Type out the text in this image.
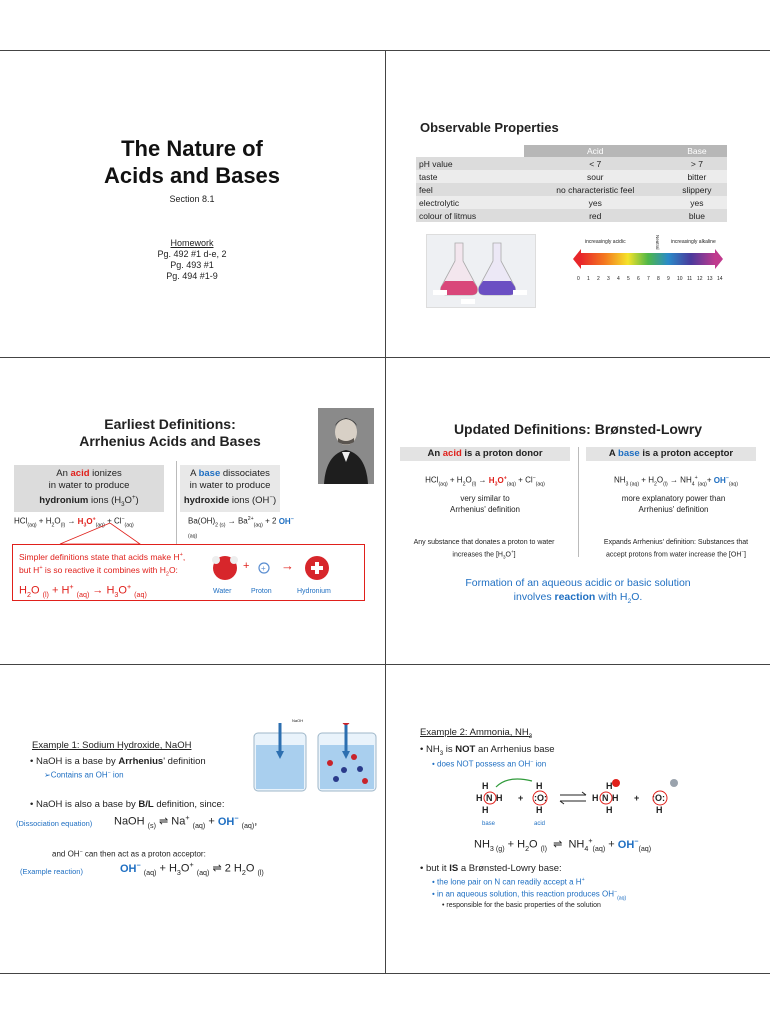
The Nature of
Acids and Bases
Section 8.1
Homework
Pg. 492 #1 d-e, 2
Pg. 493 #1
Pg. 494 #1-9
Observable Properties
	Acid	Base
pH value	< 7	> 7
taste	sour	bitter
feel	no characteristic feel	slippery
electrolytic	yes	yes
colour of litmus	red	blue
increasingly acidic	Neutral increasingly alkaline
0 1 2 3 4 5 6 7 8 9 10 11 12 13 14
Earliest Definitions:
Arrhenius Acids and Bases
An acid ionizes
in water to produce
hydronium ions $(H_3O^+)$
A base dissociates
in water to produce
hydroxide ions (OH−)
$HCl_{(aq)} + H_2O_{(l)} \to H_3O^+_{(aq)} + Cl^-_{(aq)}$	$Ba(OH)_{2 (s)} \to Ba^{2+}_{(aq)} + 2$ OH−
$_{(aq)}$
Simpler definitions state that acids make H+,
but H+ is so reactive it combines with $H_2O$:
$H_2O$ $_{(l)}$ + H+ $_{(aq)} \to H_3O^+$ $_{(aq)}$
+
+ →
Water	Proton	Hydronium
Updated Definitions: Brønsted-Lowry
An acid is a proton donor	A base is a proton acceptor
$HCl_{(aq)} + H_2O_{(l)} \to H_3O^+_{(aq)} + Cl^-_{(aq)}$	$NH_{3 (aq)} + H_2O_{(l)} \to NH_4^+_{(aq)}+ OH^-_{(aq)}$
very similar to
Arrhenius' definition
more explanatory power than
Arrhenius' definition
Any substance that donates a proton to water
increases the $[H_3O^+]$
Expands Arrhenius' definition: Substances that
accept protons from water increase the [OH−]
Formation of an aqueous acidic or basic solution
involves reaction with $H_2O$.
NaOH
Example 1: Sodium Hydroxide, NaOH
• NaOH is a base by Arrhenius' definition
➢Contains an OH− ion
• NaOH is also a base by B/L definition, since:
(Dissociation equation) NaOH $_{(s)}$ ⇌ Na+ $_{(aq)}$ + OH− $_{(aq)}$,
and OH− can then act as a proton acceptor:
(Example reaction)	OH− $_{(aq)} + H_3O^+$ $_{(aq)}$ ⇌ 2 $H_2O$ $_{(l)}$
Example 2: Ammonia, $NH_3$
• $NH_3$ is NOT an Arrhenius base
• does NOT possess an OH− ion
H
H N H
H
+
H
:O:
H
H
H N H
H
+ :O:
H
base	acid
$NH_{3 (g)} + H_2O$ $_{(l)}$  ⇌  $NH_4^+_{(aq)} + OH^-_{(aq)}$
• but it IS a Brønsted-Lowry base:
• the lone pair on N can readily accept a H+
• in an aqueous solution, this reaction produces $OH^-_{(aq)}$
• responsible for the basic properties of the solution
